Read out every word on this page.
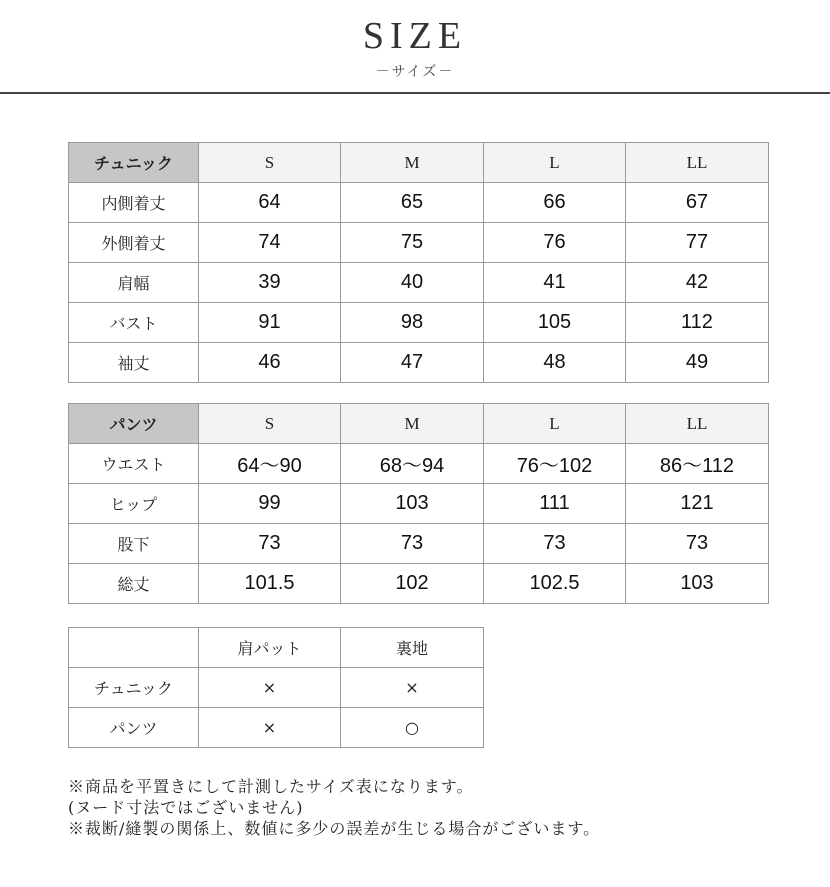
SIZE
－サイズ－
チュニック	S	M	L	LL
内側着丈	64	65	66	67
外側着丈	74	75	76	77
肩幅	39	40	41	42
バスト	91	98	105	112
袖丈	46	47	48	49
パンツ	S	M	L	LL
ウエスト	64～90	68～94	76～102	86～112
ヒップ	99	103	111	121
股下	73	73	73	73
総丈	101.5	102	102.5	103
	肩パット	裏地
チュニック	×	×
パンツ	×	○
※商品を平置きにして計測したサイズ表になります。
(ヌード寸法ではございません)
※裁断/縫製の関係上、数値に多少の誤差が生じる場合がございます。
